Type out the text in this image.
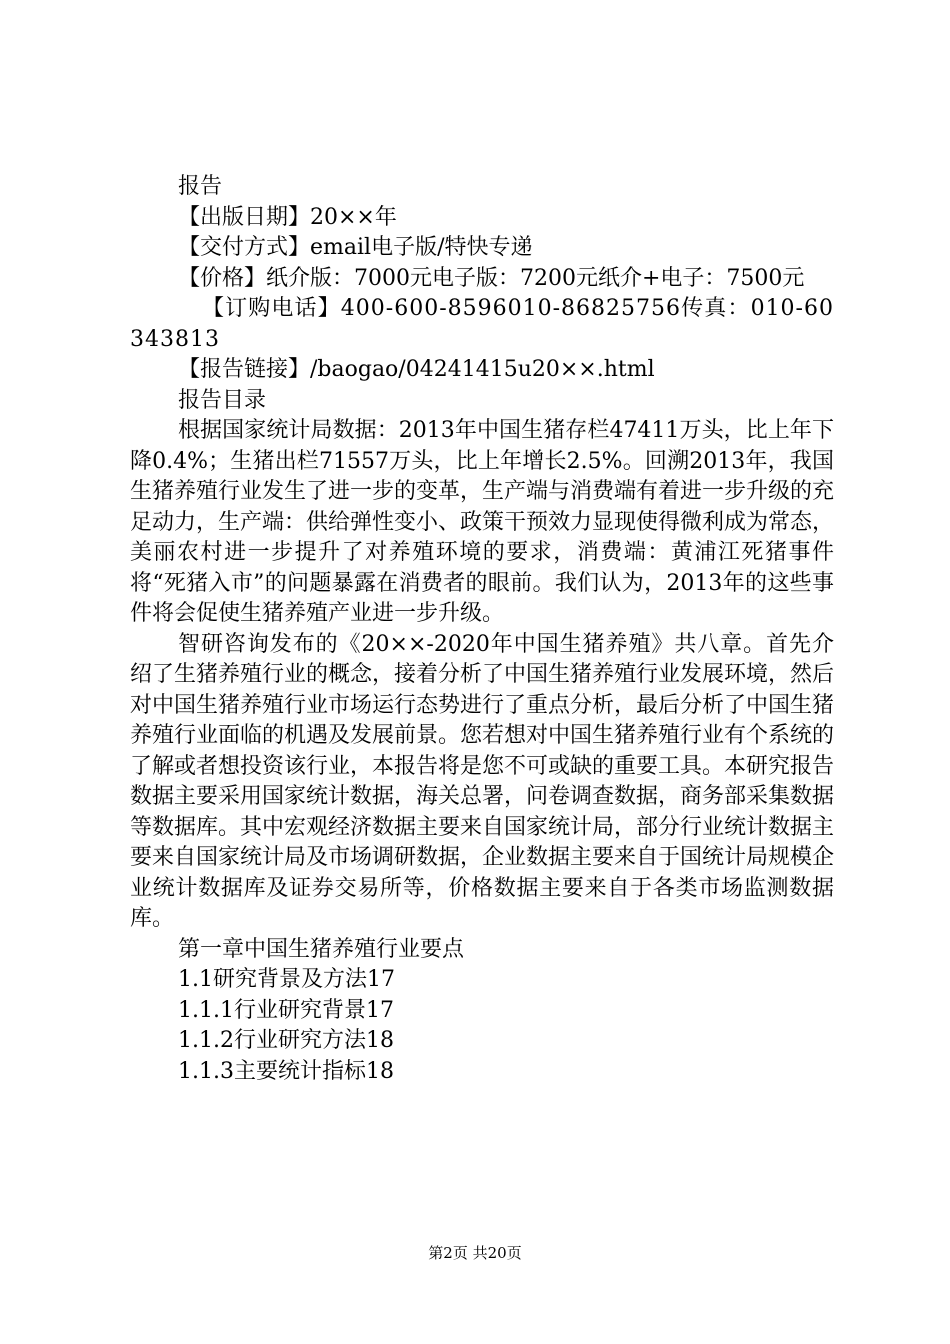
报告

【出版日期】20××年

【交付方式】email电子版/特快专递

【价格】纸介版：7000元电子版：7200元纸介+电子：7500元

【订购电话】400-600-8596010-86825756传真：010-60343813

【报告链接】/baogao/04241415u20××.html

报告目录

根据国家统计局数据：2013年中国生猪存栏47411万头，比上年下降0.4%；生猪出栏71557万头，比上年增长2.5%。回溯2013年，我国生猪养殖行业发生了进一步的变革，生产端与消费端有着进一步升级的充足动力，生产端：供给弹性变小、政策干预效力显现使得微利成为常态，美丽农村进一步提升了对养殖环境的要求，消费端：黄浦江死猪事件将“死猪入市”的问题暴露在消费者的眼前。我们认为，2013年的这些事件将会促使生猪养殖产业进一步升级。

智研咨询发布的《20××-2020年中国生猪养殖》共八章。首先介绍了生猪养殖行业的概念，接着分析了中国生猪养殖行业发展环境，然后对中国生猪养殖行业市场运行态势进行了重点分析，最后分析了中国生猪养殖行业面临的机遇及发展前景。您若想对中国生猪养殖行业有个系统的了解或者想投资该行业，本报告将是您不可或缺的重要工具。本研究报告数据主要采用国家统计数据，海关总署，问卷调查数据，商务部采集数据等数据库。其中宏观经济数据主要来自国家统计局，部分行业统计数据主要来自国家统计局及市场调研数据，企业数据主要来自于国统计局规模企业统计数据库及证券交易所等，价格数据主要来自于各类市场监测数据库。

第一章中国生猪养殖行业要点

1.1研究背景及方法17

1.1.1行业研究背景17

1.1.2行业研究方法18

1.1.3主要统计指标18

第2页 共20页
